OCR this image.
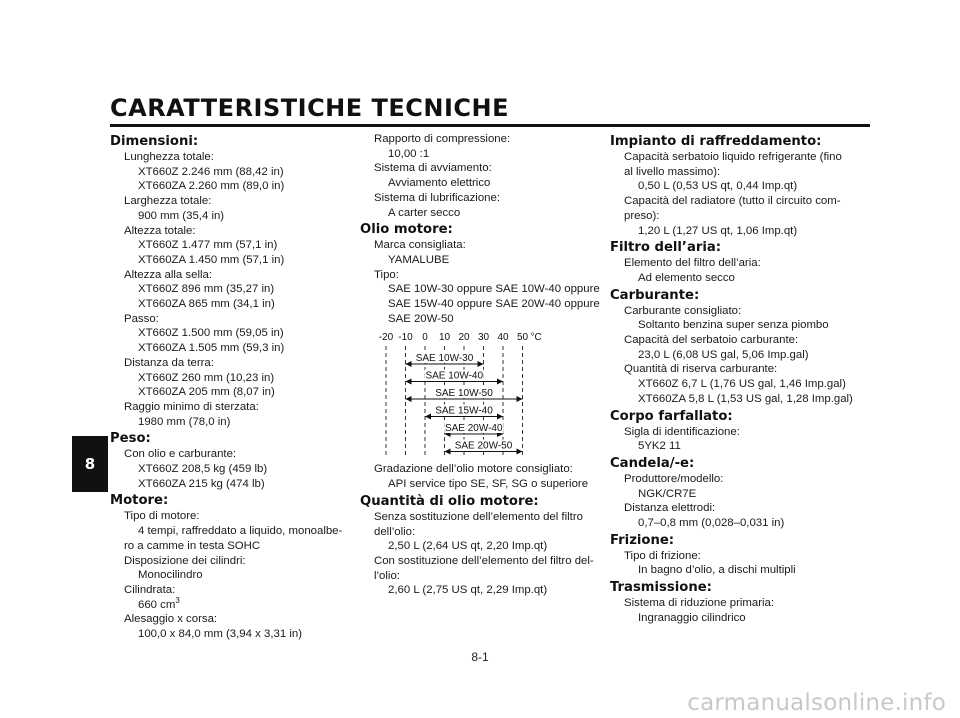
CARATTERISTICHE TECNICHE
8
Dimensioni:
Lunghezza totale:
XT660Z 2.246 mm (88,42 in)
XT660ZA 2.260 mm (89,0 in)
Larghezza totale:
900 mm (35,4 in)
Altezza totale:
XT660Z 1.477 mm (57,1 in)
XT660ZA 1.450 mm (57,1 in)
Altezza alla sella:
XT660Z 896 mm (35,27 in)
XT660ZA 865 mm (34,1 in)
Passo:
XT660Z 1.500 mm (59,05 in)
XT660ZA 1.505 mm (59,3 in)
Distanza da terra:
XT660Z 260 mm (10,23 in)
XT660ZA 205 mm (8,07 in)
Raggio minimo di sterzata:
1980 mm (78,0 in)
Peso:
Con olio e carburante:
XT660Z 208,5 kg (459 lb)
XT660ZA 215 kg (474 lb)
Motore:
Tipo di motore:
4 tempi, raffreddato a liquido, monoalbe-
ro a camme in testa SOHC
Disposizione dei cilindri:
Monocilindro
Cilindrata:
660 $cm^3$
Alesaggio x corsa:
100,0 x 84,0 mm (3,94 x 3,31 in)
Rapporto di compressione:
10,00 :1
Sistema di avviamento:
Avviamento elettrico
Sistema di lubrificazione:
A carter secco
Olio motore:
Marca consigliata:
YAMALUBE
Tipo:
SAE 10W-30 oppure SAE 10W-40 oppure
SAE 15W-40 oppure SAE 20W-40 oppure
SAE 20W-50
-20 -10 0 10 20 30 40 50 °C
SAE 10W-30
SAE 10W-40
SAE 10W-50
SAE 15W-40
SAE 20W-40
SAE 20W-50
Gradazione dell’olio motore consigliato:
API service tipo SE, SF, SG o superiore
Quantità di olio motore:
Senza sostituzione dell’elemento del filtro
dell’olio:
2,50 L (2,64 US qt, 2,20 Imp.qt)
Con sostituzione dell’elemento del filtro del-
l’olio:
2,60 L (2,75 US qt, 2,29 Imp.qt)
Impianto di raffreddamento:
Capacità serbatoio liquido refrigerante (fino
al livello massimo):
0,50 L (0,53 US qt, 0,44 Imp.qt)
Capacità del radiatore (tutto il circuito com-
preso):
1,20 L (1,27 US qt, 1,06 Imp.qt)
Filtro dell’aria:
Elemento del filtro dell’aria:
Ad elemento secco
Carburante:
Carburante consigliato:
Soltanto benzina super senza piombo
Capacità del serbatoio carburante:
23,0 L (6,08 US gal, 5,06 Imp.gal)
Quantità di riserva carburante:
XT660Z 6,7 L (1,76 US gal, 1,46 Imp.gal)
XT660ZA 5,8 L (1,53 US gal, 1,28 Imp.gal)
Corpo farfallato:
Sigla di identificazione:
5YK2 11
Candela/-e:
Produttore/modello:
NGK/CR7E
Distanza elettrodi:
0,7–0,8 mm (0,028–0,031 in)
Frizione:
Tipo di frizione:
In bagno d’olio, a dischi multipli
Trasmissione:
Sistema di riduzione primaria:
Ingranaggio cilindrico
8-1
carmanualsonline.info
